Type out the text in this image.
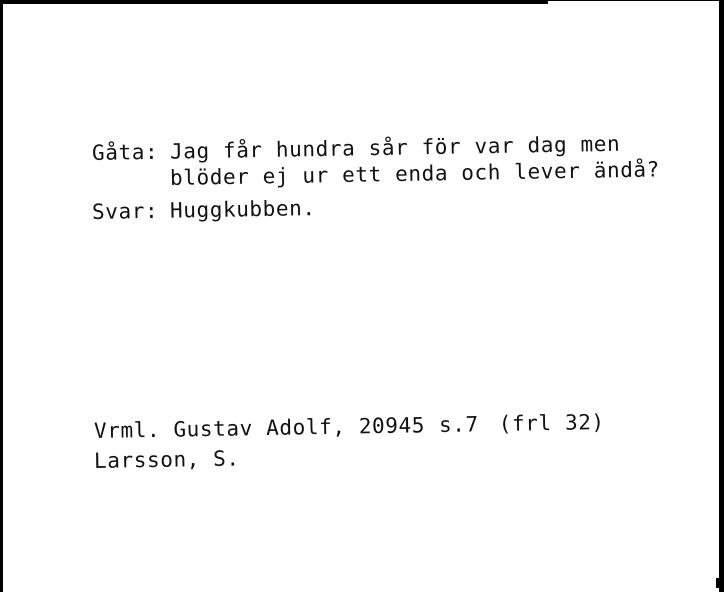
Gåta: Jag får hundra sår för var dag men
blöder ej ur ett enda och lever ändå?
Svar: Huggkubben.
Vrml. Gustav Adolf, 20945 s.7 (frl 32)
Larsson, S.
